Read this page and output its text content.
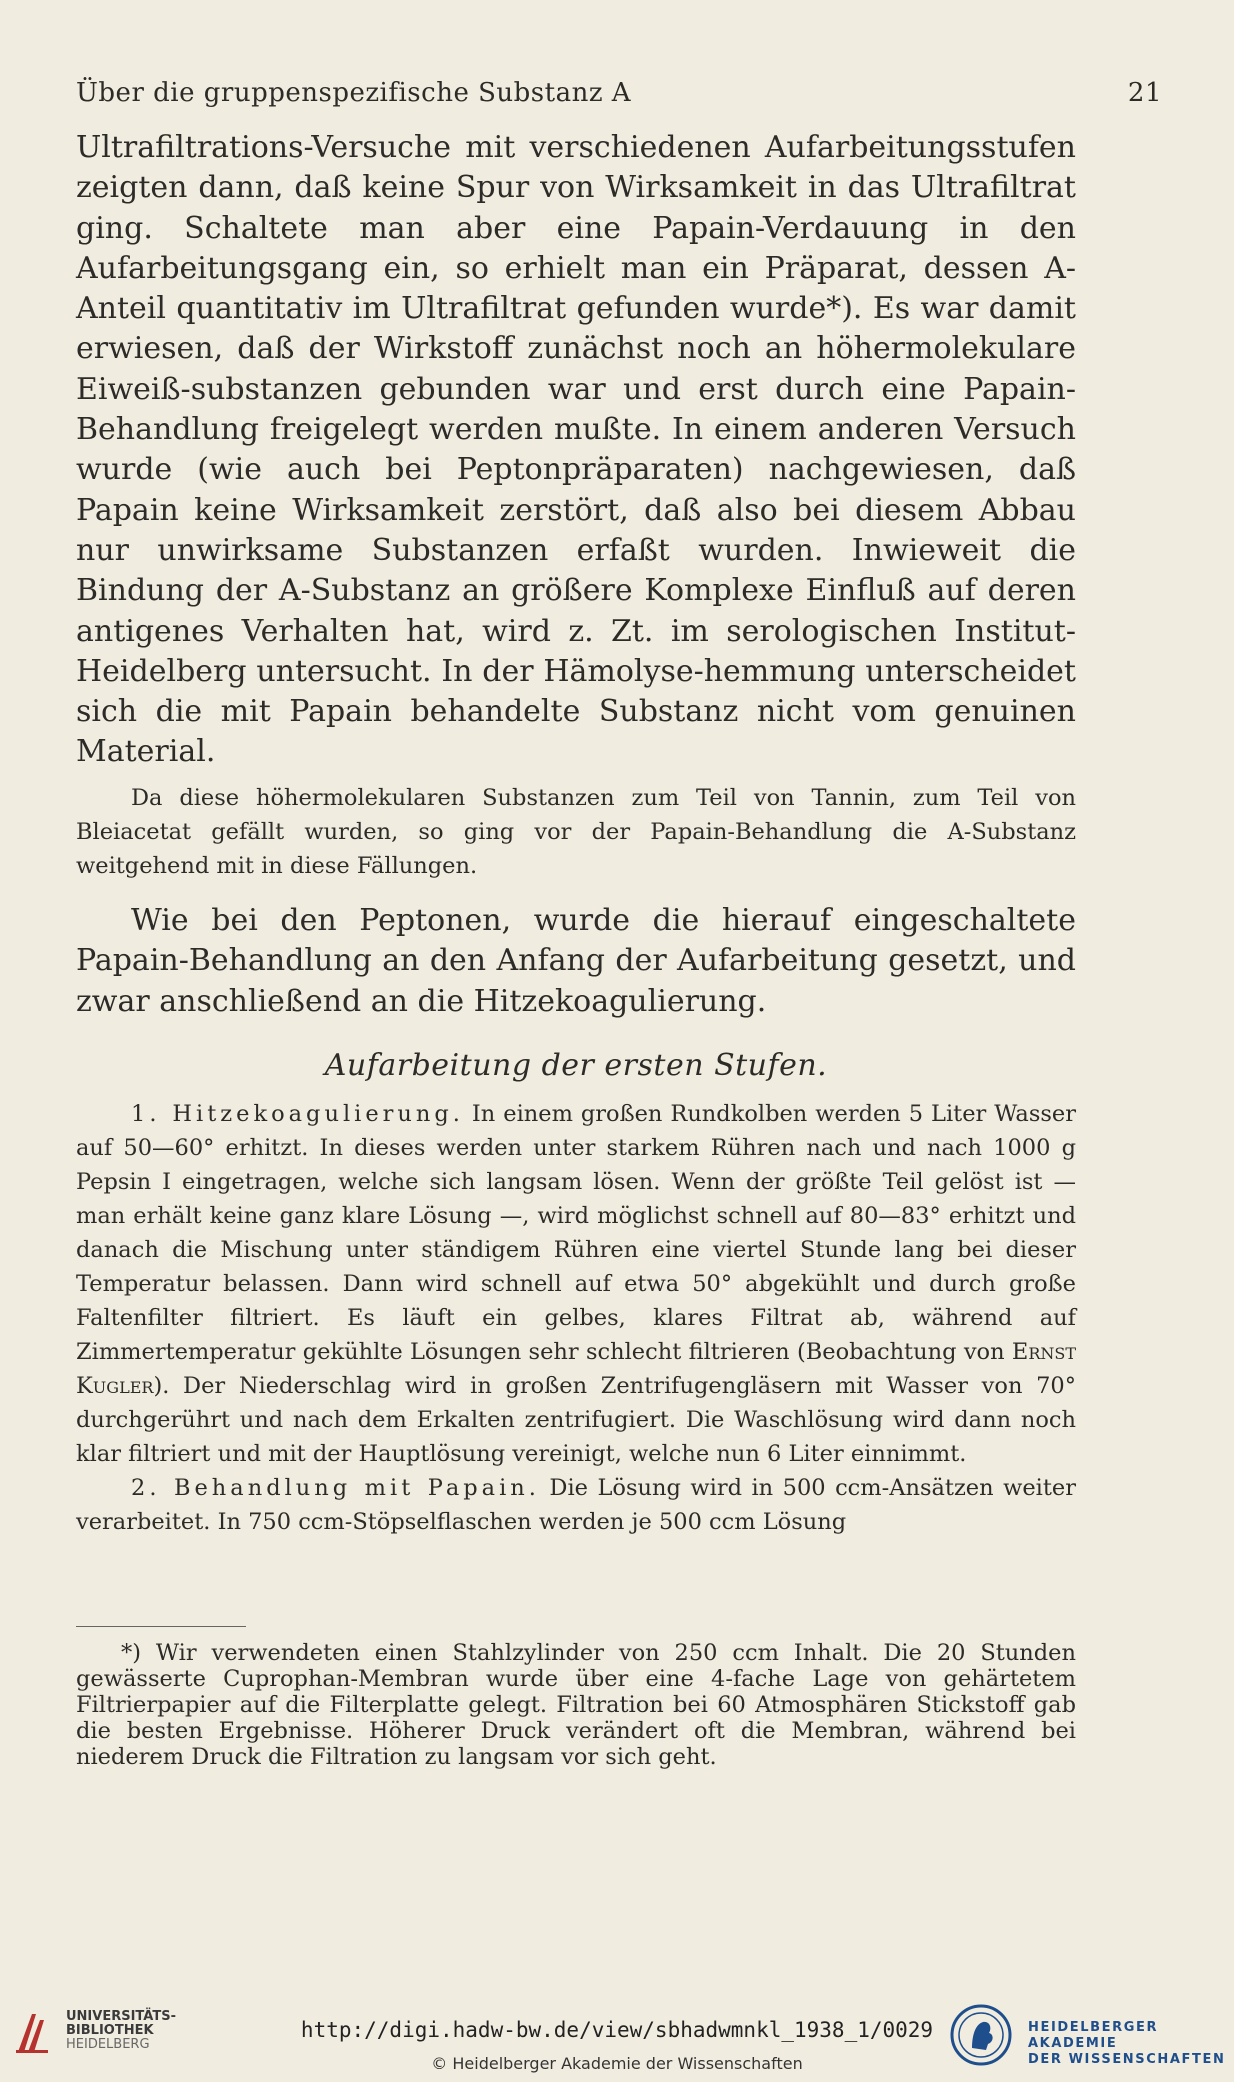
Über die gruppenspezifische Substanz A	21

Ultrafiltrations-Versuche mit verschiedenen Aufarbeitungsstufen zeigten dann, daß keine Spur von Wirksamkeit in das Ultrafiltrat ging. Schaltete man aber eine Papain-Verdauung in den Aufarbeitungsgang ein, so erhielt man ein Präparat, dessen A-Anteil quantitativ im Ultrafiltrat gefunden wurde*). Es war damit erwiesen, daß der Wirkstoff zunächst noch an höhermolekulare Eiweiß-substanzen gebunden war und erst durch eine Papain-Behandlung freigelegt werden mußte. In einem anderen Versuch wurde (wie auch bei Peptonpräparaten) nachgewiesen, daß Papain keine Wirksamkeit zerstört, daß also bei diesem Abbau nur unwirksame Substanzen erfaßt wurden. Inwieweit die Bindung der A-Substanz an größere Komplexe Einfluß auf deren antigenes Verhalten hat, wird z. Zt. im serologischen Institut-Heidelberg untersucht. In der Hämolyse-hemmung unterscheidet sich die mit Papain behandelte Substanz nicht vom genuinen Material.

Da diese höhermolekularen Substanzen zum Teil von Tannin, zum Teil von Bleiacetat gefällt wurden, so ging vor der Papain-Behandlung die A-Substanz weitgehend mit in diese Fällungen.

Wie bei den Peptonen, wurde die hierauf eingeschaltete Papain-Behandlung an den Anfang der Aufarbeitung gesetzt, und zwar anschließend an die Hitzekoagulierung.

Aufarbeitung der ersten Stufen.

1. Hitzekoagulierung. In einem großen Rundkolben werden 5 Liter Wasser auf 50—60° erhitzt. In dieses werden unter starkem Rühren nach und nach 1000 g Pepsin I eingetragen, welche sich langsam lösen. Wenn der größte Teil gelöst ist — man erhält keine ganz klare Lösung —, wird möglichst schnell auf 80—83° erhitzt und danach die Mischung unter ständigem Rühren eine viertel Stunde lang bei dieser Temperatur belassen. Dann wird schnell auf etwa 50° abgekühlt und durch große Faltenfilter filtriert. Es läuft ein gelbes, klares Filtrat ab, während auf Zimmertemperatur gekühlte Lösungen sehr schlecht filtrieren (Beobachtung von Ernst Kugler). Der Niederschlag wird in großen Zentrifugengläsern mit Wasser von 70° durchgerührt und nach dem Erkalten zentrifugiert. Die Waschlösung wird dann noch klar filtriert und mit der Hauptlösung vereinigt, welche nun 6 Liter einnimmt.

2. Behandlung mit Papain. Die Lösung wird in 500 ccm-Ansätzen weiter verarbeitet. In 750 ccm-Stöpselflaschen werden je 500 ccm Lösung

*) Wir verwendeten einen Stahlzylinder von 250 ccm Inhalt. Die 20 Stunden gewässerte Cuprophan-Membran wurde über eine 4-fache Lage von gehärtetem Filtrierpapier auf die Filterplatte gelegt. Filtration bei 60 Atmosphären Stickstoff gab die besten Ergebnisse. Höherer Druck verändert oft die Membran, während bei niederem Druck die Filtration zu langsam vor sich geht.

UNIVERSITÄTS-
BIBLIOTHEK
HEIDELBERG
http://digi.hadw-bw.de/view/sbhadwmnkl_1938_1/0029
© Heidelberger Akademie der Wissenschaften
HEIDELBERGER AKADEMIE
DER WISSENSCHAFTEN
